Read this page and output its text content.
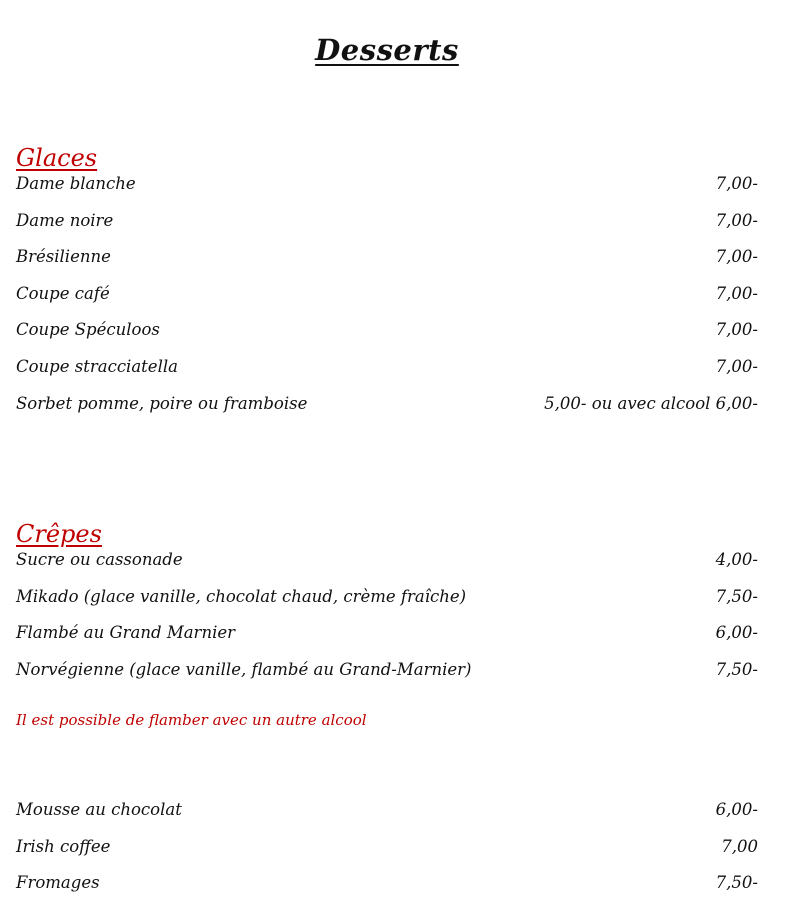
Desserts
Glaces
Dame blanche	7,00-
Dame noire	7,00-
Brésilienne	7,00-
Coupe café	7,00-
Coupe Spéculoos	7,00-
Coupe stracciatella	7,00-
Sorbet pomme, poire ou framboise	5,00- ou avec alcool 6,00-
Crêpes
Sucre ou cassonade	4,00-
Mikado (glace vanille, chocolat chaud, crème fraîche)	7,50-
Flambé au Grand Marnier	6,00-
Norvégienne (glace vanille, flambé au Grand-Marnier)	7,50-

Il est possible de flamber avec un autre alcool

Mousse au chocolat	6,00-
Irish coffee	7,00
Fromages	7,50-
